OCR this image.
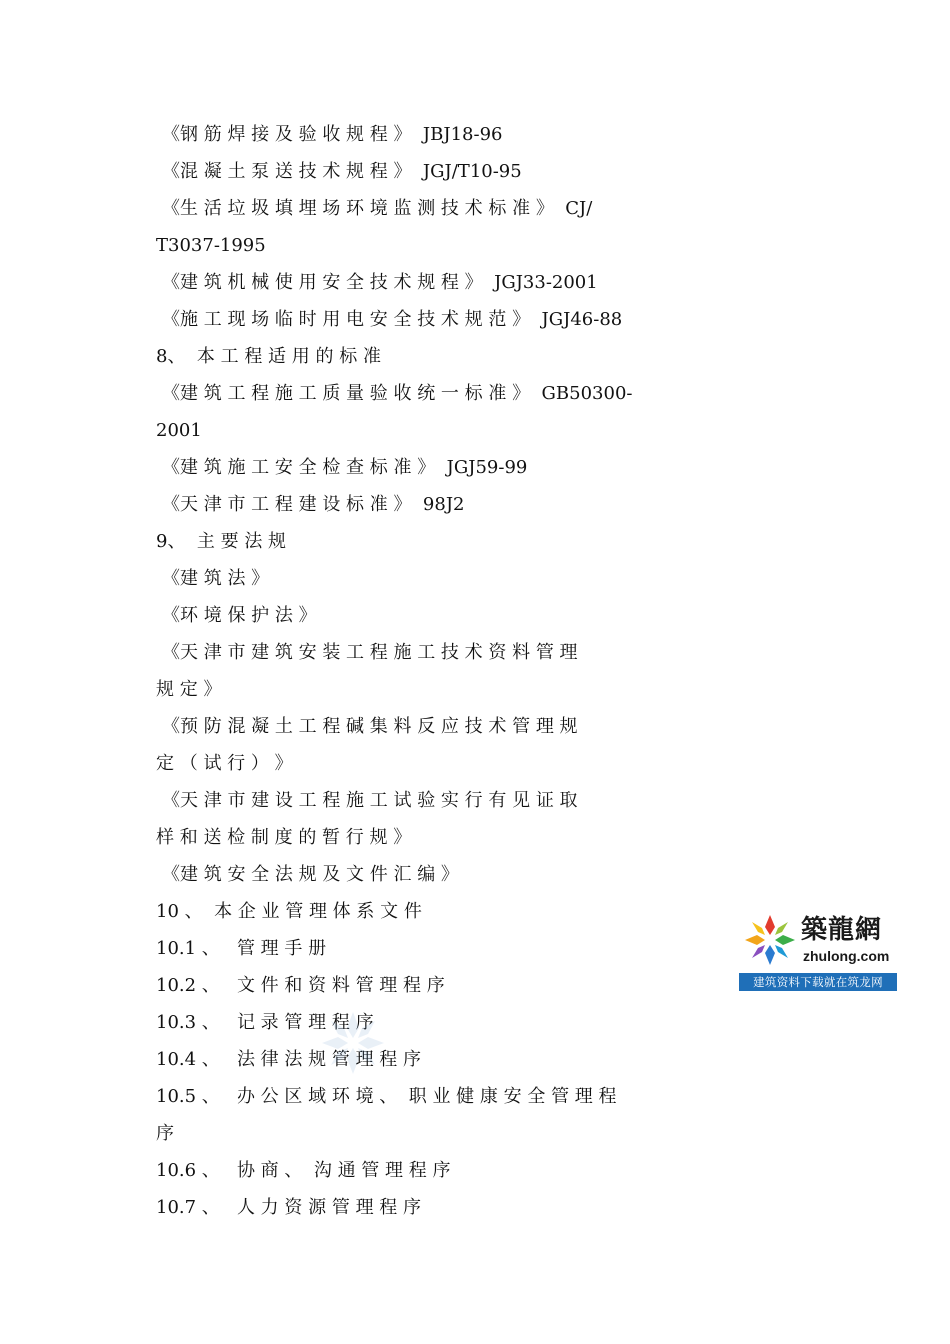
《钢 筋 焊 接 及 验 收 规 程 》  JBJ18-96
《混 凝 土 泵 送 技 术 规 程 》  JGJ/T10-95
《生 活 垃 圾 填 埋 场 环 境 监 测 技 术 标 准 》  CJ/
T3037-1995
《建 筑 机 械 使 用 安 全 技 术 规 程 》  JGJ33-2001
《施 工 现 场 临 时 用 电 安 全 技 术 规 范 》  JGJ46-88
8、  本 工 程 适 用 的 标 准
《建 筑 工 程 施 工 质 量 验 收 统 一 标 准 》  GB50300-
2001
《建 筑 施 工 安 全 检 查 标 准 》  JGJ59-99
《天 津 市 工 程 建 设 标 准 》  98J2
9、  主 要 法 规
《建 筑 法 》
《环 境 保 护 法 》
《天 津 市 建 筑 安 装 工 程 施 工 技 术 资 料 管 理
规 定 》
《预 防 混 凝 土 工 程 碱 集 料 反 应 技 术 管 理 规
定 （ 试 行 ） 》
《天 津 市 建 设 工 程 施 工 试 验 实 行 有 见 证 取
样 和 送 检 制 度 的 暂 行 规 》
《建 筑 安 全 法 规 及 文 件 汇 编 》
10 、  本 企 业 管 理 体 系 文 件
10.1 、   管 理 手 册
10.2 、   文 件 和 资 料 管 理 程 序
10.3 、   记 录 管 理 程 序
10.4 、   法 律 法 规 管 理 程 序
10.5 、   办 公 区 域 环 境 、  职 业 健 康 安 全 管 理 程
序
10.6 、   协 商 、  沟 通 管 理 程 序
10.7 、   人 力 资 源 管 理 程 序
築龍網
zhulong.com
建筑资料下载就在筑龙网
